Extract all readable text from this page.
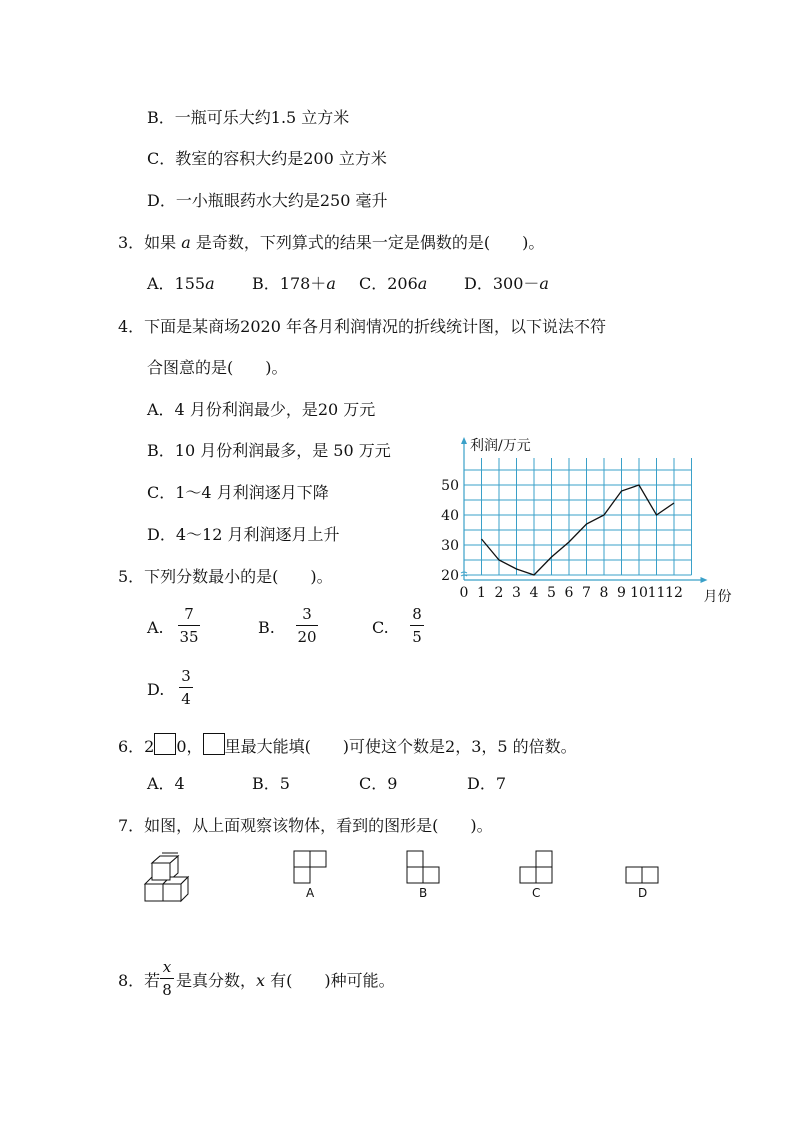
B．一瓶可乐大约1.5 立方米
C．教室的容积大约是200 立方米
D．一小瓶眼药水大约是250 毫升
3．如果 a 是奇数，下列算式的结果一定是偶数的是(　　)。
A．155a B．178＋a C．206a D．300－a
4．下面是某商场2020 年各月利润情况的折线统计图，以下说法不符
合图意的是(　　)。
A．4 月份利润最少，是20 万元
B．10 月份利润最多，是 50 万元
C．1～4 月利润逐月下降
D．4～12 月利润逐月上升
0 1 2 3 4 5 6 7 8 9 10 11 12
20
30
40
50
利润/万元
月份
5．下列分数最小的是(　　)。
A.
7
35	B.
3
20	C.
8
5
D.
3
4
6．2 0， 里最大能填(　　)可使这个数是2，3，5 的倍数。
A．4	B．5	C．9	D．7
7．如图，从上面观察该物体，看到的图形是(　　)。
A	B	C	D
8．若
x
8 是真分数，x 有(　　)种可能。
